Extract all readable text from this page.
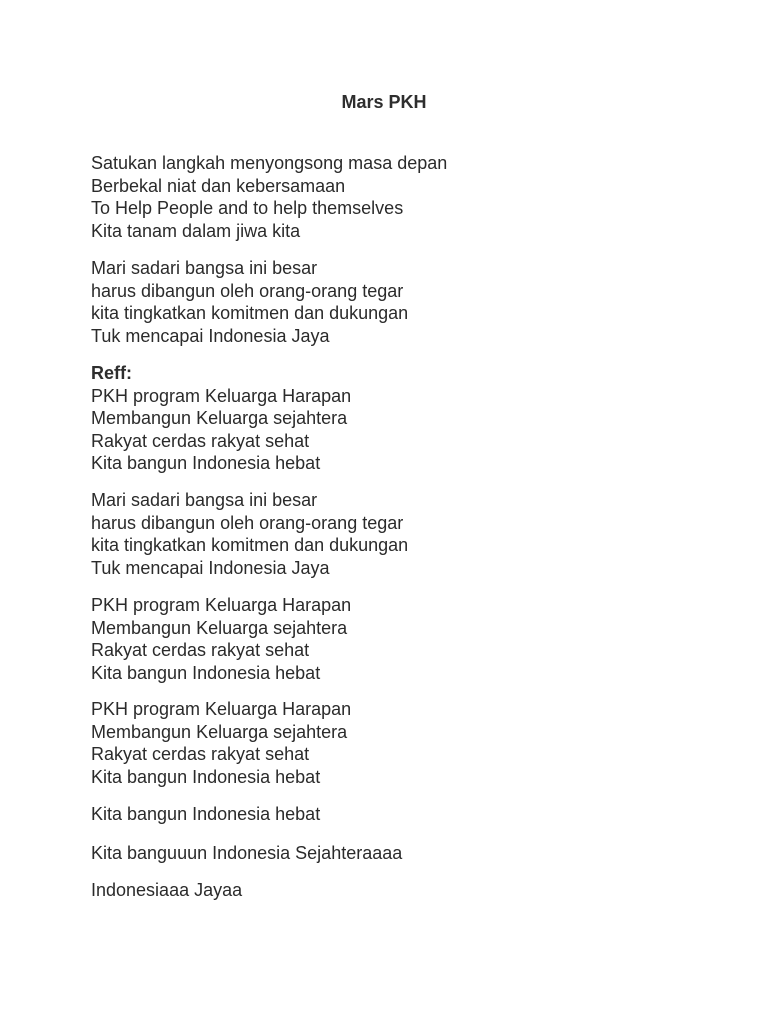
Mars PKH
Satukan langkah menyongsong masa depan
Berbekal niat dan kebersamaan
To Help People and to help themselves
Kita tanam dalam jiwa kita
Mari sadari bangsa ini besar
harus dibangun oleh orang-orang tegar
kita tingkatkan komitmen dan dukungan
Tuk mencapai Indonesia Jaya
Reff:
PKH program Keluarga Harapan
Membangun Keluarga sejahtera
Rakyat cerdas rakyat sehat
Kita bangun Indonesia hebat
Mari sadari bangsa ini besar
harus dibangun oleh orang-orang tegar
kita tingkatkan komitmen dan dukungan
Tuk mencapai Indonesia Jaya
PKH program Keluarga Harapan
Membangun Keluarga sejahtera
Rakyat cerdas rakyat sehat
Kita bangun Indonesia hebat
PKH program Keluarga Harapan
Membangun Keluarga sejahtera
Rakyat cerdas rakyat sehat
Kita bangun Indonesia hebat
Kita bangun Indonesia hebat
Kita banguuun Indonesia Sejahteraaaa
Indonesiaaa Jayaa
